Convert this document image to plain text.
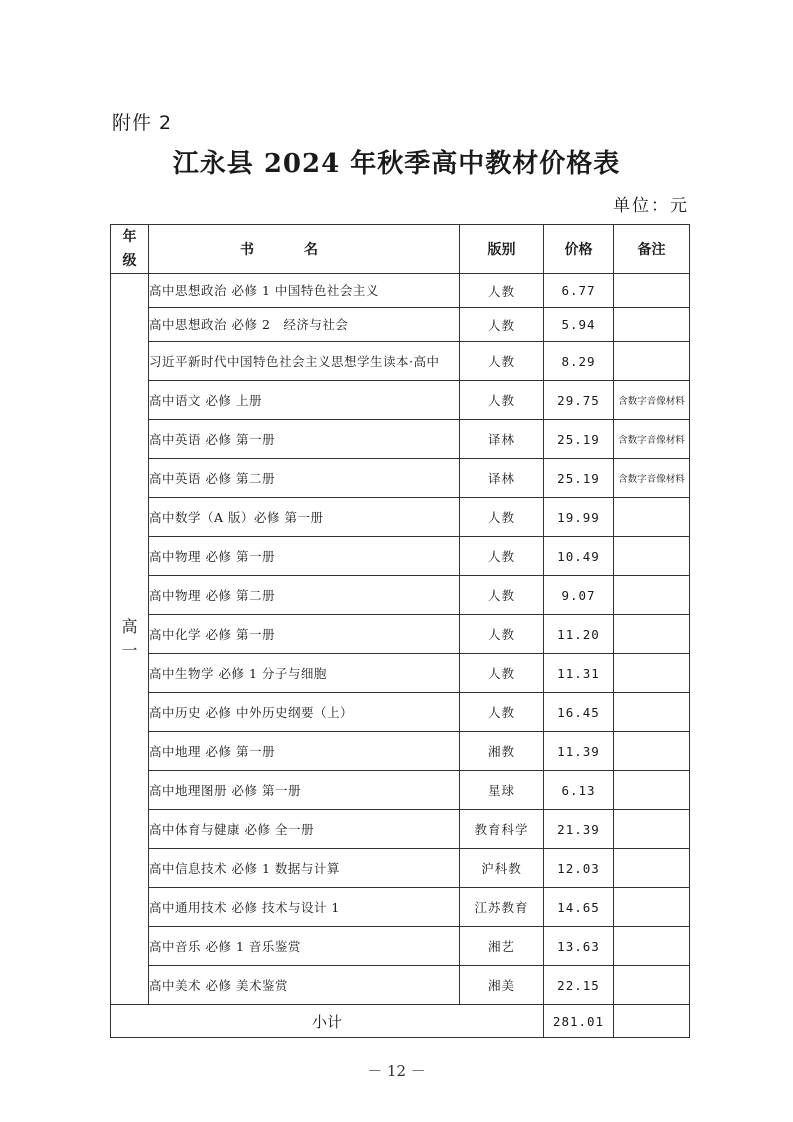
附件 2
江永县 2024 年秋季高中教材价格表
单位：元
年
级	书名	版别	价格	备注

高
一	高中思想政治 必修 1 中国特色社会主义	人教	6.77	
	高中思想政治 必修 2　经济与社会	人教	5.94	
	习近平新时代中国特色社会主义思想学生读本·高中	人教	8.29	
	高中语文 必修 上册	人教	29.75	含数字音像材料
	高中英语 必修 第一册	译林	25.19	含数字音像材料
	高中英语 必修 第二册	译林	25.19	含数字音像材料
	高中数学（A 版）必修 第一册	人教	19.99	
	高中物理 必修 第一册	人教	10.49	
	高中物理 必修 第二册	人教	9.07	
	高中化学 必修 第一册	人教	11.20	
	高中生物学 必修 1 分子与细胞	人教	11.31	
	高中历史 必修 中外历史纲要（上）	人教	16.45	
	高中地理 必修 第一册	湘教	11.39	
	高中地理图册 必修 第一册	星球	6.13	
	高中体育与健康 必修 全一册	教育科学	21.39	
	高中信息技术 必修 1 数据与计算	沪科教	12.03	
	高中通用技术 必修 技术与设计 1	江苏教育	14.65	
	高中音乐 必修 1 音乐鉴赏	湘艺	13.63	
	高中美术 必修 美术鉴赏	湘美	22.15	
小计			281.01	
－ 12 －
